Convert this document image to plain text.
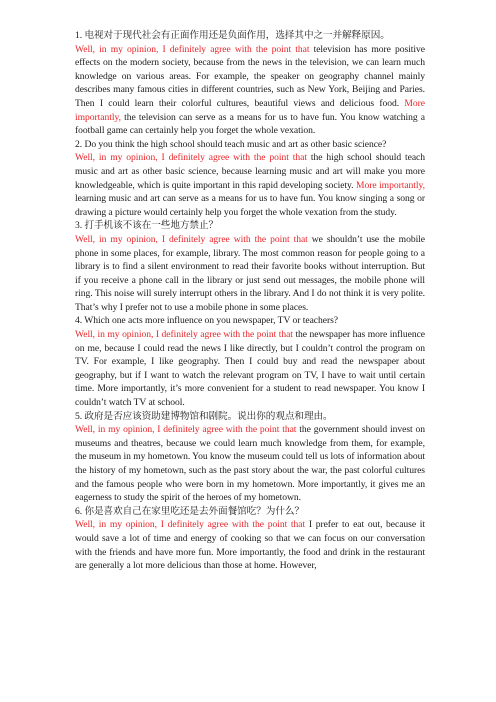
1. 电视对于现代社会有正面作用还是负面作用，选择其中之一并解释原因。

Well, in my opinion, I definitely agree with the point that television has more positive effects on the modern society, because from the news in the television, we can learn much knowledge on various areas. For example, the speaker on geography channel mainly describes many famous cities in different countries, such as New York, Beijing and Paries. Then I could learn their colorful cultures, beautiful views and delicious food. More importantly, the television can serve as a means for us to have fun. You know watching a football game can certainly help you forget the whole vexation.

2. Do you think the high school should teach music and art as other basic science?

Well, in my opinion, I definitely agree with the point that the high school should teach music and art as other basic science, because learning music and art will make you more knowledgeable, which is quite important in this rapid developing society. More importantly, learning music and art can serve as a means for us to have fun. You know singing a song or drawing a picture would certainly help you forget the whole vexation from the study.

3. 打手机该不该在一些地方禁止？

Well, in my opinion, I definitely agree with the point that we shouldn’t use the mobile phone in some places, for example, library. The most common reason for people going to a library is to find a silent environment to read their favorite books without interruption. But if you receive a phone call in the library or just send out messages, the mobile phone will ring. This noise will surely interrupt others in the library. And I do not think it is very polite. That’s why I prefer not to use a mobile phone in some places.

4. Which one acts more influence on you newspaper, TV or teachers?

Well, in my opinion, I definitely agree with the point that the newspaper has more influence on me, because I could read the news I like directly, but I couldn’t control the program on TV. For example, I like geography. Then I could buy and read the newspaper about geography, but if I want to watch the relevant program on TV, I have to wait until certain time. More importantly, it’s more convenient for a student to read newspaper. You know I couldn’t watch TV at school.

5. 政府是否应该资助建博物馆和剧院。说出你的观点和理由。

Well, in my opinion, I definitely agree with the point that the government should invest on museums and theatres, because we could learn much knowledge from them, for example, the museum in my hometown. You know the museum could tell us lots of information about the history of my hometown, such as the past story about the war, the past colorful cultures and the famous people who were born in my hometown. More importantly, it gives me an eagerness to study the spirit of the heroes of my hometown.

6. 你是喜欢自己在家里吃还是去外面餐馆吃？为什么？

Well, in my opinion, I definitely agree with the point that I prefer to eat out, because it would save a lot of time and energy of cooking so that we can focus on our conversation with the friends and have more fun. More importantly, the food and drink in the restaurant are generally a lot more delicious than those at home. However,
